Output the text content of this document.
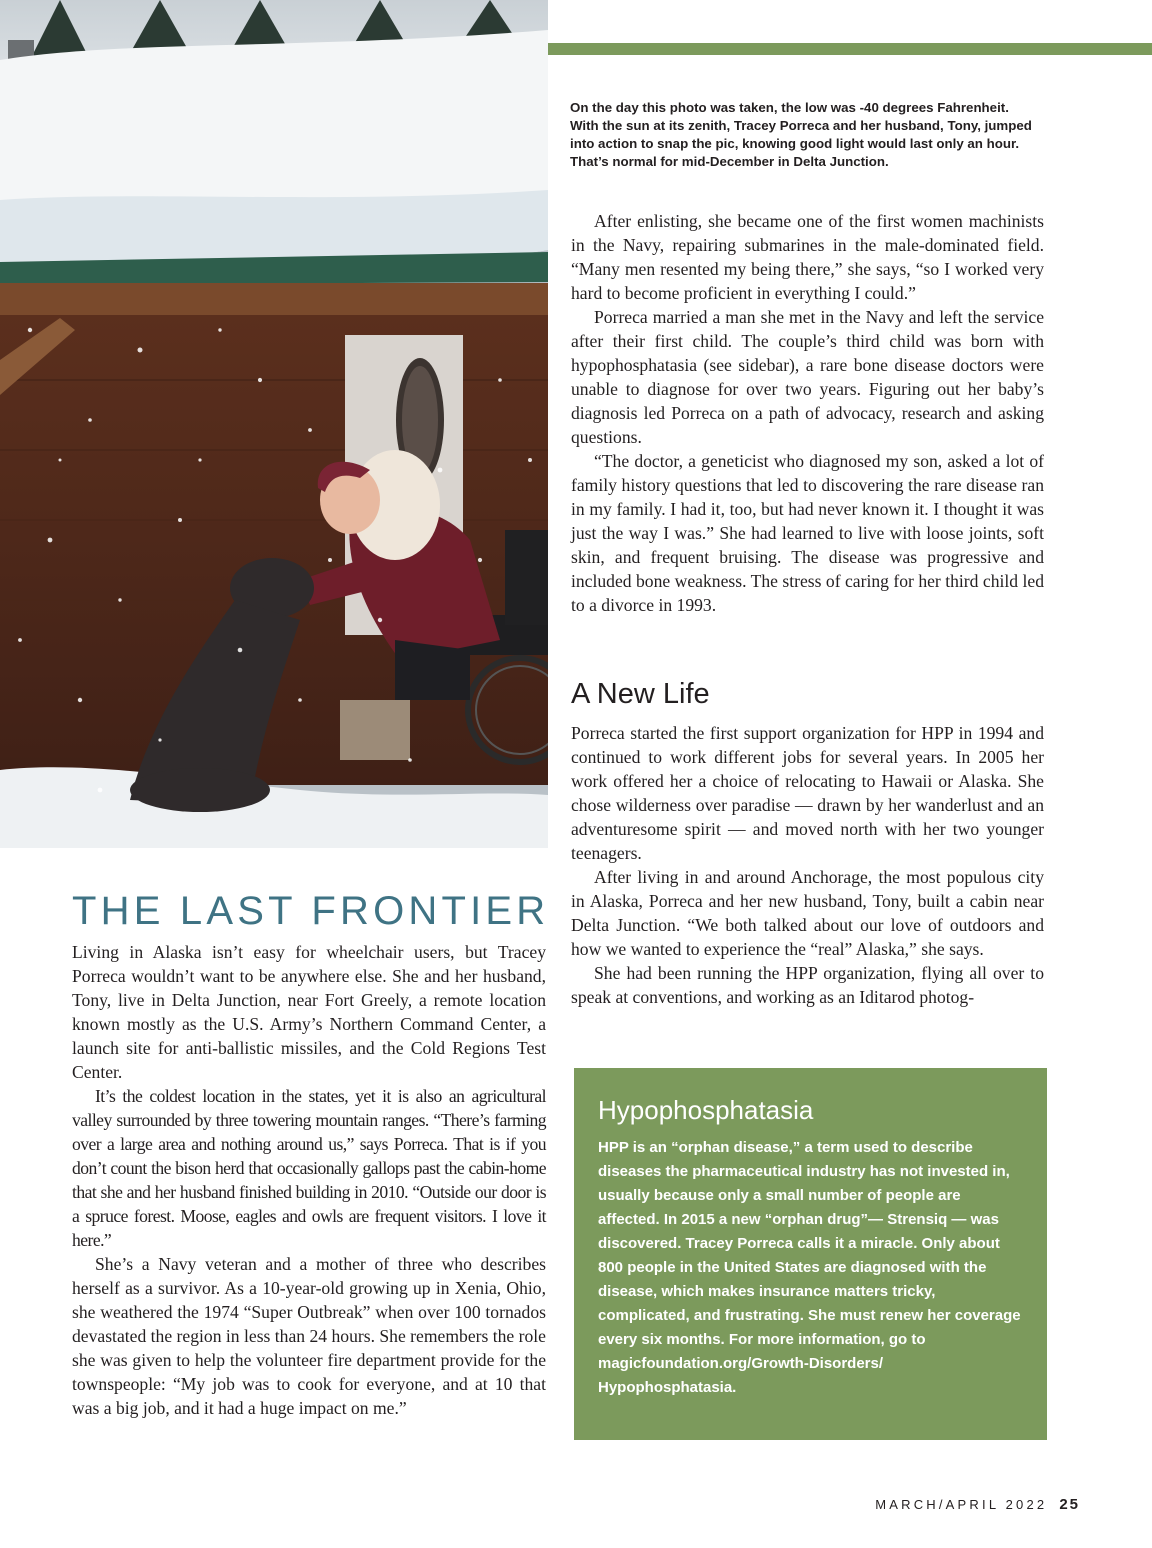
On the day this photo was taken, the low was -40 degrees Fahrenheit. With the sun at its zenith, Tracey Porreca and her husband, Tony, jumped into action to snap the pic, knowing good light would last only an hour. That’s normal for mid-December in Delta Junction.

After enlisting, she became one of the first women machinists in the Navy, repairing submarines in the male-dominated field. “Many men resented my being there,” she says, “so I worked very hard to become proficient in everything I could.”

Porreca married a man she met in the Navy and left the service after their first child. The couple’s third child was born with hypophosphatasia (see sidebar), a rare bone disease doctors were unable to diagnose for over two years. Figuring out her baby’s diagnosis led Porreca on a path of advocacy, research and asking questions.

“The doctor, a geneticist who diagnosed my son, asked a lot of family history questions that led to discovering the rare disease ran in my family. I had it, too, but had never known it. I thought it was just the way I was.” She had learned to live with loose joints, soft skin, and frequent bruising. The disease was progressive and included bone weakness. The stress of caring for her third child led to a divorce in 1993.

A New Life

Porreca started the first support organization for HPP in 1994 and continued to work different jobs for several years. In 2005 her work offered her a choice of relocating to Hawaii or Alaska. She chose wilderness over paradise — drawn by her wanderlust and an adventuresome spirit — and moved north with her two younger teenagers.

After living in and around Anchorage, the most populous city in Alaska, Porreca and her new husband, Tony, built a cabin near Delta Junction. “We both talked about our love of outdoors and how we wanted to experience the “real” Alaska,” she says.

She had been running the HPP organization, flying all over to speak at conventions, and working as an Iditarod photog-

THE LAST FRONTIER

Living in Alaska isn’t easy for wheelchair users, but Tracey Porreca wouldn’t want to be anywhere else. She and her husband, Tony, live in Delta Junction, near Fort Greely, a remote location known mostly as the U.S. Army’s Northern Command Center, a launch site for anti-ballistic missiles, and the Cold Regions Test Center.

It’s the coldest location in the states, yet it is also an agricultural valley surrounded by three towering mountain ranges. “There’s farming over a large area and nothing around us,” says Porreca. That is if you don’t count the bison herd that occasionally gallops past the cabin-home that she and her husband finished building in 2010. “Outside our door is a spruce forest. Moose, eagles and owls are frequent visitors. I love it here.”

She’s a Navy veteran and a mother of three who describes herself as a survivor. As a 10-year-old growing up in Xenia, Ohio, she weathered the 1974 “Super Outbreak” when over 100 tornados devastated the region in less than 24 hours. She remembers the role she was given to help the volunteer fire department provide for the townspeople: “My job was to cook for everyone, and at 10 that was a big job, and it had a huge impact on me.”

Hypophosphatasia

HPP is an “orphan disease,” a term used to describe diseases the pharmaceutical industry has not invested in, usually because only a small number of people are affected. In 2015 a new “orphan drug”— Strensiq — was discovered. Tracey Porreca calls it a miracle. Only about 800 people in the United States are diagnosed with the disease, which makes insurance matters tricky, complicated, and frustrating. She must renew her coverage every six months. For more information, go to magicfoundation.org/Growth-Disorders/ Hypophosphatasia.

MARCH/APRIL 2022 25
